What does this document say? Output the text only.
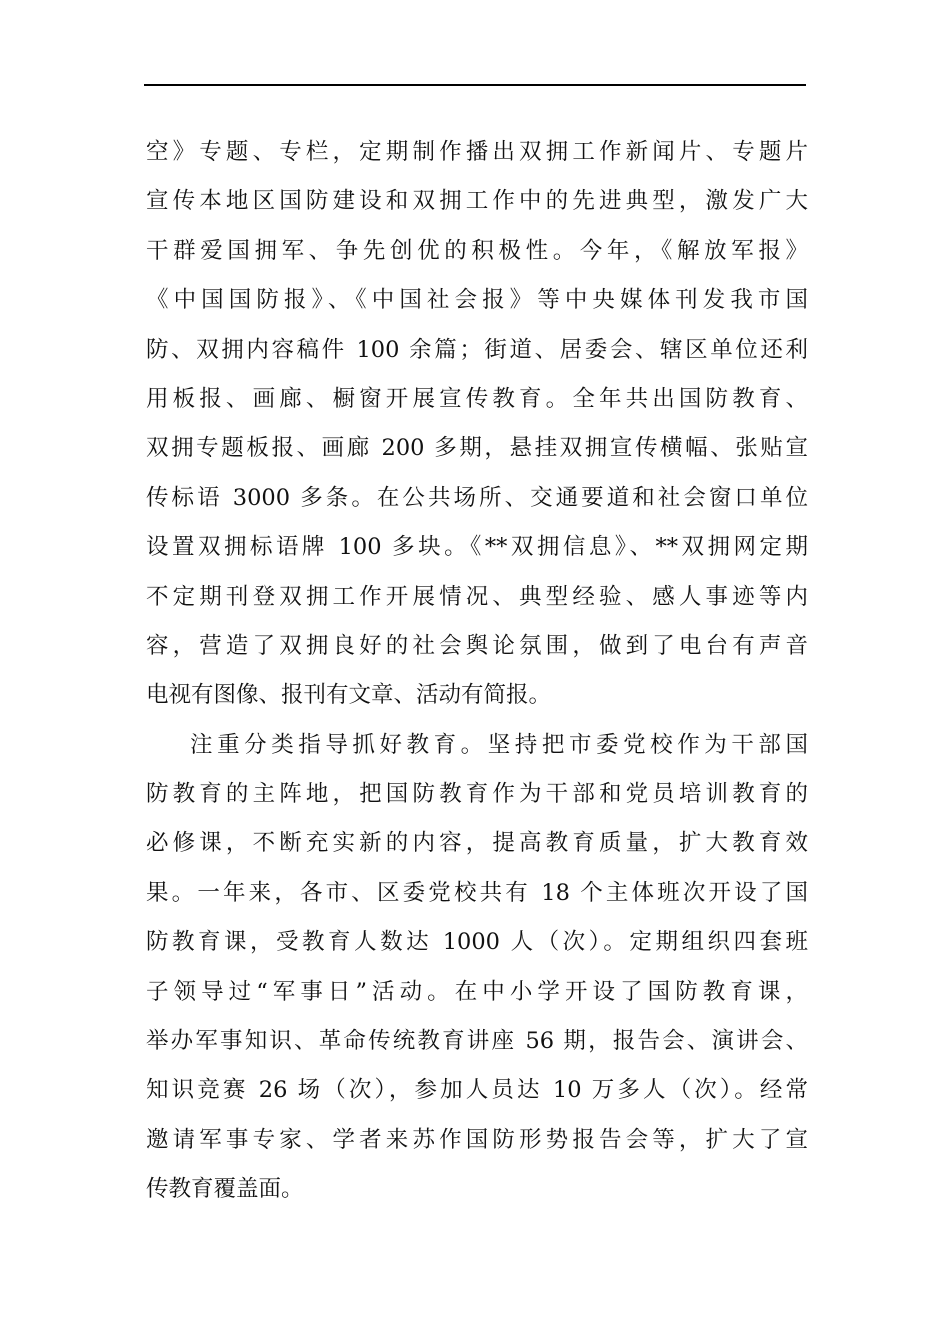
空》专题、专栏，定期制作播出双拥工作新闻片、专题片
宣传本地区国防建设和双拥工作中的先进典型，激发广大
干群爱国拥军、争先创优的积极性。今年，《解放军报》
《中国国防报》、《中国社会报》等中央媒体刊发我市国
防、双拥内容稿件 100 余篇；街道、居委会、辖区单位还利
用板报、画廊、橱窗开展宣传教育。全年共出国防教育、
双拥专题板报、画廊 200 多期，悬挂双拥宣传横幅、张贴宣
传标语 3000 多条。在公共场所、交通要道和社会窗口单位
设置双拥标语牌 100 多块。《**双拥信息》、**双拥网定期
不定期刊登双拥工作开展情况、典型经验、感人事迹等内
容，营造了双拥良好的社会舆论氛围，做到了电台有声音
电视有图像、报刊有文章、活动有简报。
注重分类指导抓好教育。坚持把市委党校作为干部国
防教育的主阵地，把国防教育作为干部和党员培训教育的
必修课，不断充实新的内容，提高教育质量，扩大教育效
果。一年来，各市、区委党校共有 18 个主体班次开设了国
防教育课，受教育人数达 1000 人（次）。定期组织四套班
子领导过“军事日”活动。在中小学开设了国防教育课，
举办军事知识、革命传统教育讲座 56 期，报告会、演讲会、
知识竞赛 26 场（次），参加人员达 10 万多人（次）。经常
邀请军事专家、学者来苏作国防形势报告会等，扩大了宣
传教育覆盖面。
